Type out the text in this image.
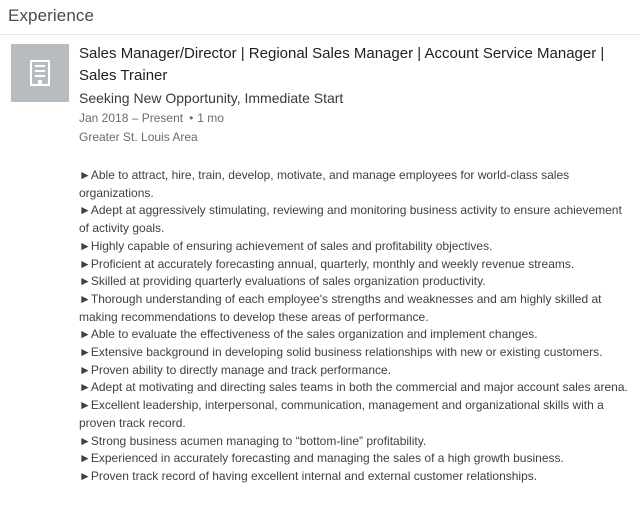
Experience
Sales Manager/Director | Regional Sales Manager | Account Service Manager | Sales Trainer
Seeking New Opportunity, Immediate Start
Jan 2018 – Present • 1 mo
Greater St. Louis Area

►Able to attract, hire, train, develop, motivate, and manage employees for world-class sales organizations.

►Adept at aggressively stimulating, reviewing and monitoring business activity to ensure achievement of activity goals.

►Highly capable of ensuring achievement of sales and profitability objectives.

►Proficient at accurately forecasting annual, quarterly, monthly and weekly revenue streams.

►Skilled at providing quarterly evaluations of sales organization productivity.

►Thorough understanding of each employee's strengths and weaknesses and am highly skilled at making recommendations to develop these areas of performance.

►Able to evaluate the effectiveness of the sales organization and implement changes.

►Extensive background in developing solid business relationships with new or existing customers.

►Proven ability to directly manage and track performance.

►Adept at motivating and directing sales teams in both the commercial and major account sales arena.

►Excellent leadership, interpersonal, communication, management and organizational skills with a proven track record.

►Strong business acumen managing to “bottom-line” profitability.

►Experienced in accurately forecasting and managing the sales of a high growth business.

►Proven track record of having excellent internal and external customer relationships.
